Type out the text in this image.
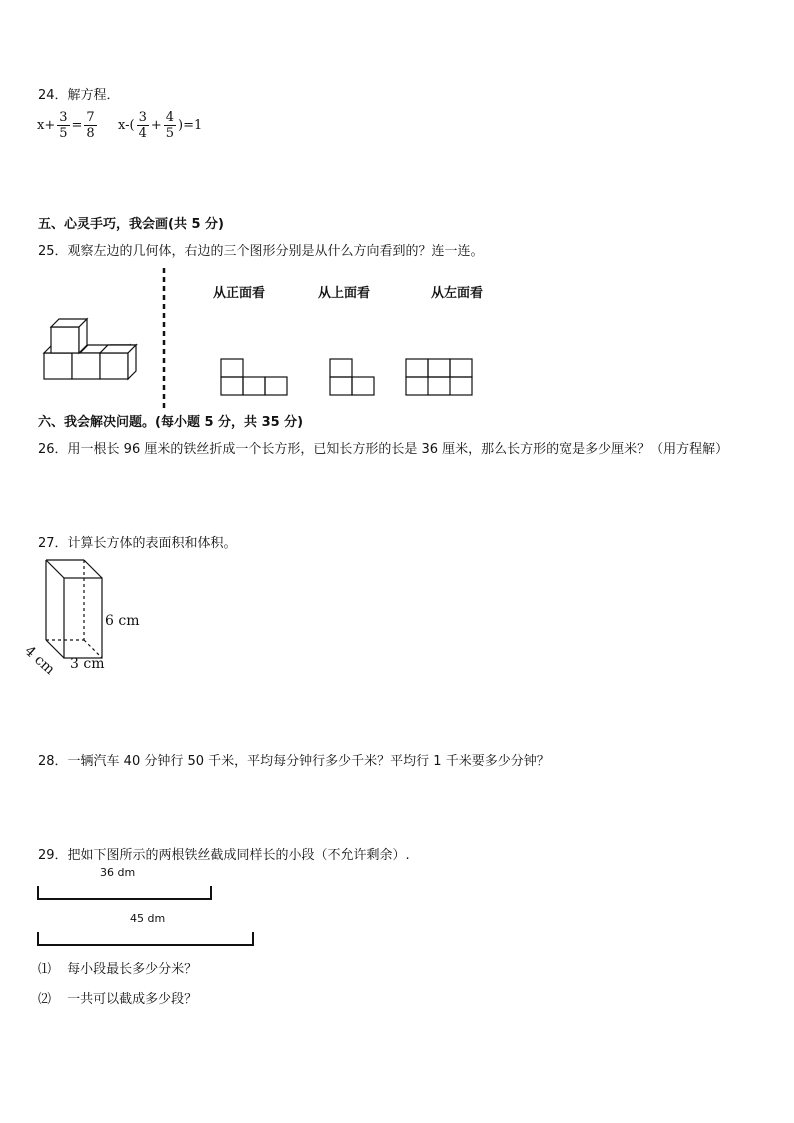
24．解方程．
$x+ \frac{3}{5} = \frac{7}{8} x-( \frac{3}{4} + \frac{4}{5} )=1$
五、心灵手巧，我会画(共 5 分)
25．观察左边的几何体，右边的三个图形分别是从什么方向看到的？连一连。
从正面看	从上面看	从左面看
六、我会解决问题。(每小题 5 分，共 35 分)
26．用一根长 96 厘米的铁丝折成一个长方形，已知长方形的长是 36 厘米，那么长方形的宽是多少厘米？（用方程解）
27．计算长方体的表面积和体积。
6 cm
4 cm 3 cm
28．一辆汽车 40 分钟行 50 千米，平均每分钟行多少千米？平均行 1 千米要多少分钟？
29．把如下图所示的两根铁丝截成同样长的小段（不允许剩余）.
36 dm
45 dm
⑴ 每小段最长多少分米？
⑵ 一共可以截成多少段？
